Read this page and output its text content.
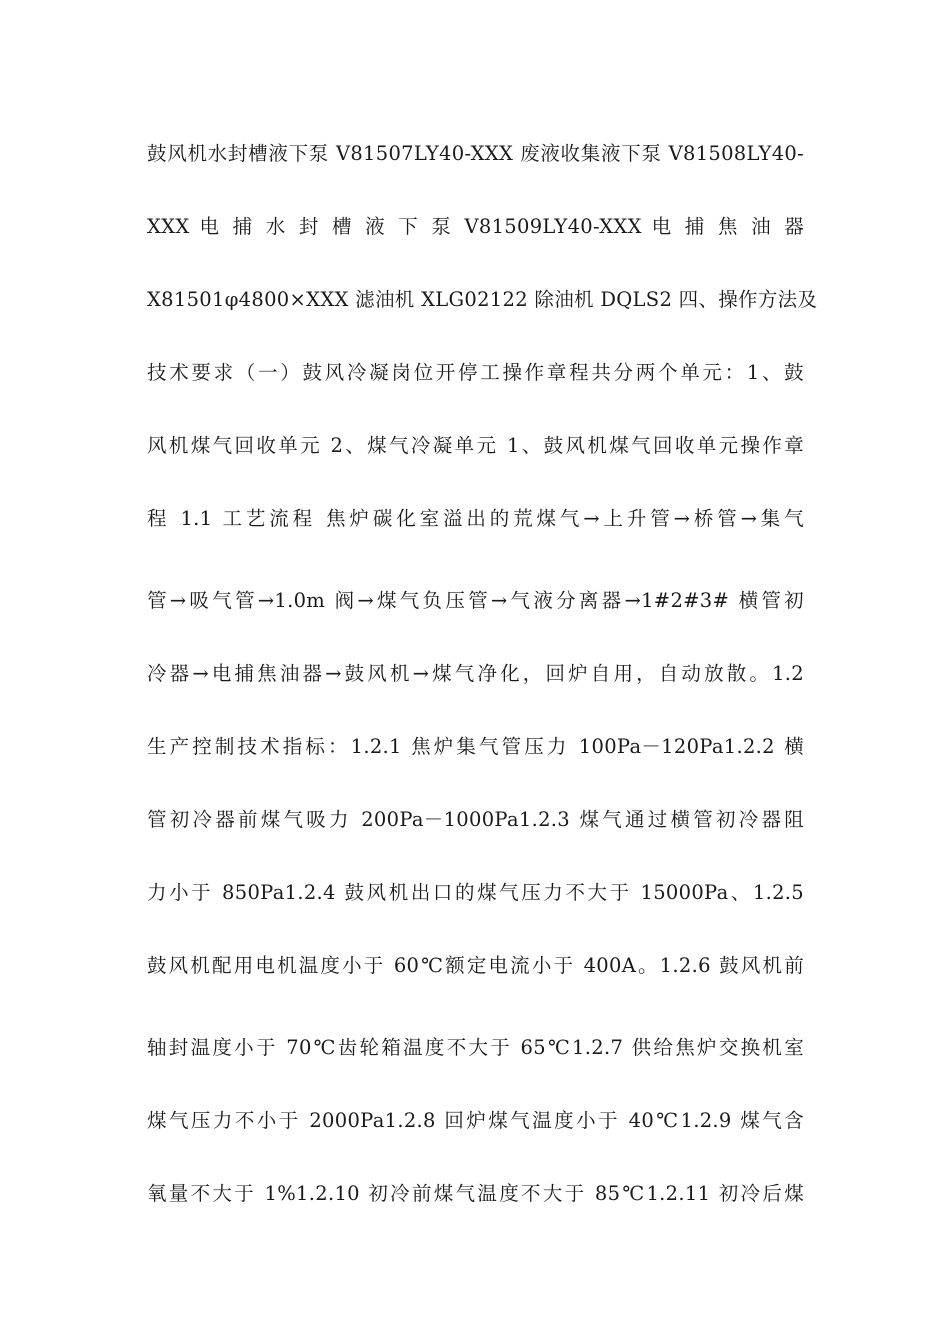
鼓风机水封槽液下泵 V81507LY40-XXX 废液收集液下泵 V81508LY40-
XXX 电 捕 水 封 槽 液 下 泵 V81509LY40-XXX 电 捕 焦 油 器
X81501φ4800×XXX 滤油机 XLG02122 除油机 DQLS2 四、操作方法及
技术要求（一）鼓风冷凝岗位开停工操作章程共分两个单元：1、鼓
风机煤气回收单元 2、煤气冷凝单元 1、鼓风机煤气回收单元操作章
程 1.1 工艺流程 焦炉碳化室溢出的荒煤气→上升管→桥管→集气
管→吸气管→1.0m 阀→煤气负压管→气液分离器→1#2#3# 横管初
冷器→电捕焦油器→鼓风机→煤气净化，回炉自用，自动放散。1.2
生产控制技术指标：1.2.1 焦炉集气管压力 100Pa－120Pa1.2.2 横
管初冷器前煤气吸力 200Pa－1000Pa1.2.3 煤气通过横管初冷器阻
力小于 850Pa1.2.4 鼓风机出口的煤气压力不大于 15000Pa、1.2.5
鼓风机配用电机温度小于 60℃额定电流小于 400A。1.2.6 鼓风机前
轴封温度小于 70℃齿轮箱温度不大于 65℃1.2.7 供给焦炉交换机室
煤气压力不小于 2000Pa1.2.8 回炉煤气温度小于 40℃1.2.9 煤气含
氧量不大于 1%1.2.10 初冷前煤气温度不大于 85℃1.2.11 初冷后煤
